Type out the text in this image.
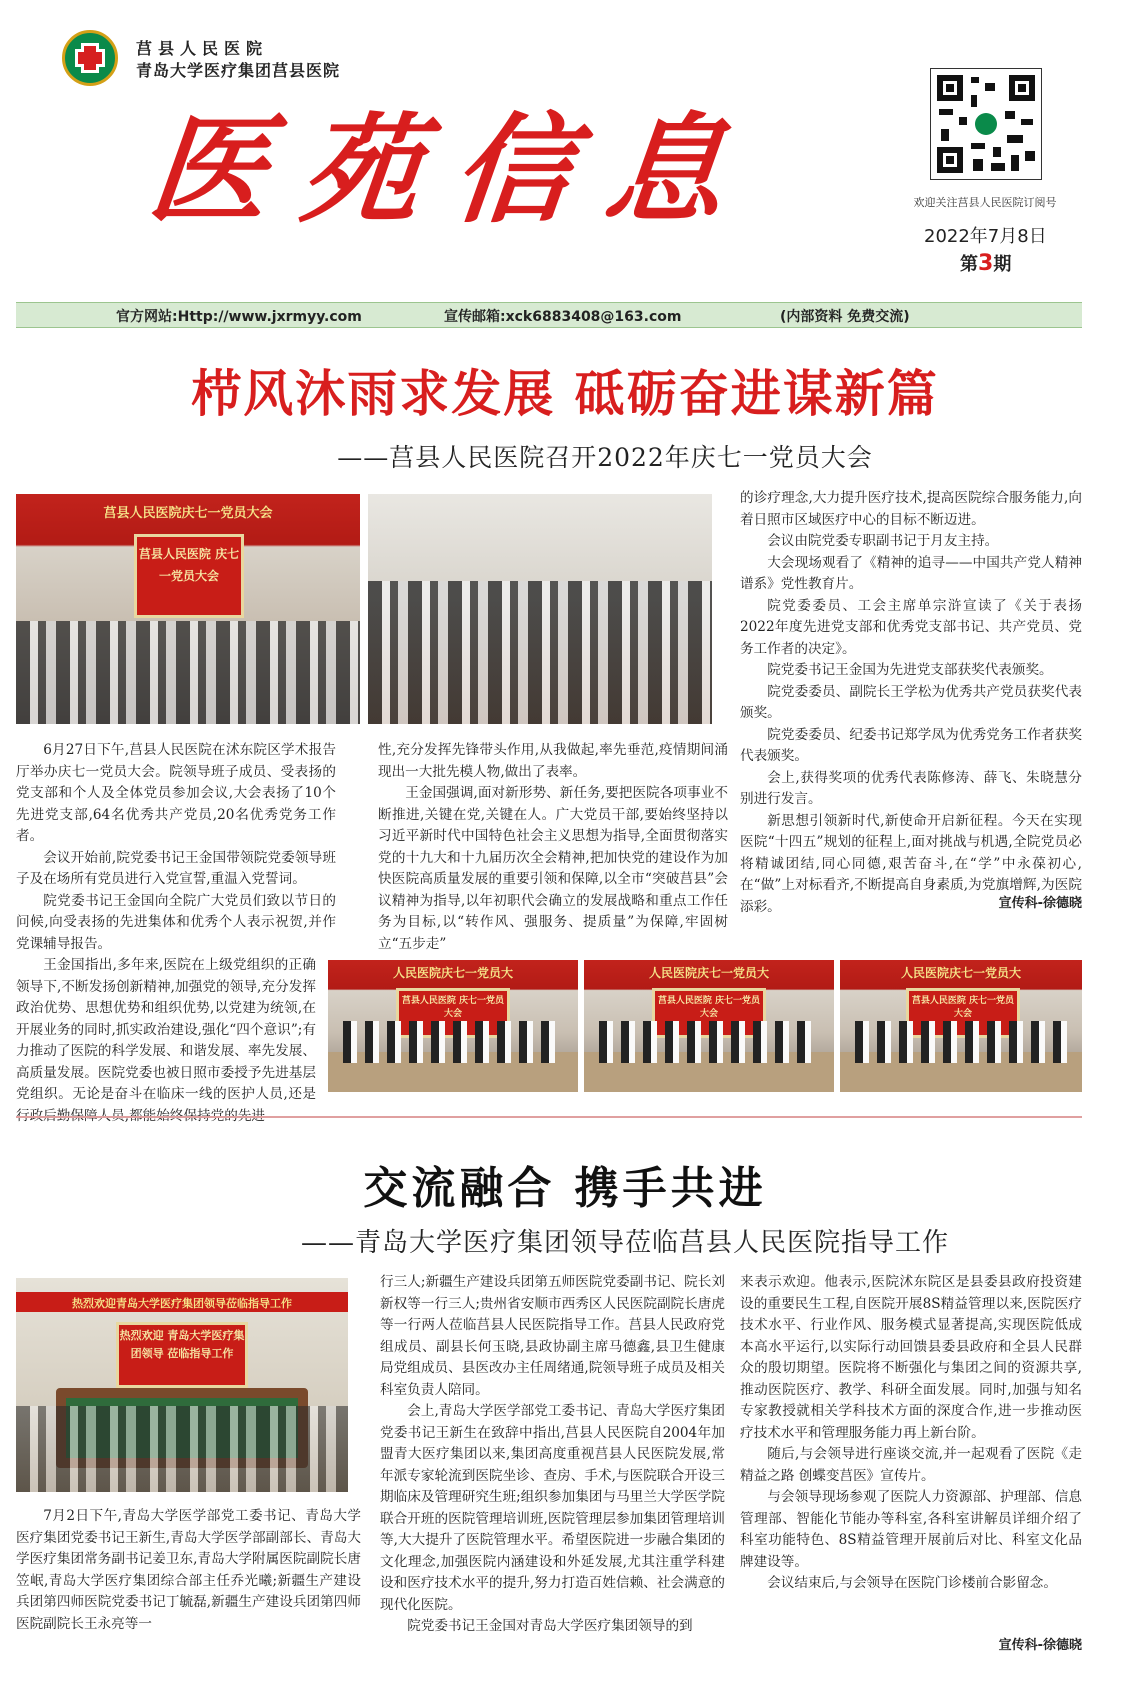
莒县人民医院
青岛大学医疗集团莒县医院
医苑信息	欢迎关注莒县人民医院订阅号
2022年7月8日
第3期
官方网站:Http://www.jxrmyy.com	宣传邮箱:xck6883408@163.com	(内部资料 免费交流)
栉风沐雨求发展 砥砺奋进谋新篇
——莒县人民医院召开2022年庆七一党员大会
莒县人民医院庆七一党员大会
莒县人民医院 庆七一党员大会

6月27日下午,莒县人民医院在沭东院区学术报告厅举办庆七一党员大会。院领导班子成员、受表扬的党支部和个人及全体党员参加会议,大会表扬了10个先进党支部,64名优秀共产党员,20名优秀党务工作者。

会议开始前,院党委书记王金国带领院党委领导班子及在场所有党员进行入党宣誓,重温入党誓词。

院党委书记王金国向全院广大党员们致以节日的问候,向受表扬的先进集体和优秀个人表示祝贺,并作党课辅导报告。

王金国指出,多年来,医院在上级党组织的正确领导下,不断发扬创新精神,加强党的领导,充分发挥政治优势、思想优势和组织优势,以党建为统领,在开展业务的同时,抓实政治建设,强化“四个意识”;有力推动了医院的科学发展、和谐发展、率先发展、高质量发展。医院党委也被日照市委授予先进基层党组织。无论是奋斗在临床一线的医护人员,还是

性,充分发挥先锋带头作用,从我做起,率先垂范,疫情期间涌现出一大批先模人物,做出了表率。

王金国强调,面对新形势、新任务,要把医院各项事业不断推进,关键在党,关键在人。广大党员干部,要始终坚持以习近平新时代中国特色社会主义思想为指导,全面贯彻落实党的十九大和十九届历次全会精神,把加快党的建设作为加快医院高质量发展的重要引领和保障,以全市“突破莒县”会议精神为指导,以年初职代会确立的发展战略和重点工作任务为目标,以“转作风、强服务、提质量”为保障,牢固树立“五步走”

的诊疗理念,大力提升医疗技术,提高医院综合服务能力,向着日照市区域医疗中心的目标不断迈进。

会议由院党委专职副书记于月友主持。

大会现场观看了《精神的追寻——中国共产党人精神谱系》党性教育片。

院党委委员、工会主席单宗浒宣读了《关于表扬2022年度先进党支部和优秀党支部书记、共产党员、党务工作者的决定》。

院党委书记王金国为先进党支部获奖代表颁奖。

院党委委员、副院长王学松为优秀共产党员获奖代表颁奖。

院党委委员、纪委书记郑学凤为优秀党务工作者获奖代表颁奖。

会上,获得奖项的优秀代表陈修涛、薛飞、朱晓慧分别进行发言。

新思想引领新时代,新使命开启新征程。今天在实现医院“十四五”规划的征程上,面对挑战与机遇,全院党员必将精诚团结,同心同德,艰苦奋斗,在“学”中永葆初心,在“做”上对标看齐,不断提高自身素质,为党旗增辉,为医院添彩。	宣传科-徐德晓
人民医院庆七一党员大
莒县人民医院 庆七一党员大会
人民医院庆七一党员大
莒县人民医院 庆七一党员大会
人民医院庆七一党员大
莒县人民医院 庆七一党员大会
交流融合 携手共进
——青岛大学医疗集团领导莅临莒县人民医院指导工作
热烈欢迎青岛大学医疗集团领导莅临指导工作
热烈欢迎 青岛大学医疗集团领导 莅临指导工作

7月2日下午,青岛大学医学部党工委书记、青岛大学医疗集团党委书记王新生,青岛大学医学部副部长、青岛大学医疗集团常务副书记姜卫东,青岛大学附属医院副院长唐笠岷,青岛大学医疗集团综合部主任乔光曦;新疆生产建设兵团第四师医院党委书记丁毓磊,新疆生产建设兵团第四师医院副院长王永亮等一

行三人;新疆生产建设兵团第五师医院党委副书记、院长刘新权等一行三人;贵州省安顺市西秀区人民医院副院长唐虎等一行两人莅临莒县人民医院指导工作。莒县人民政府党组成员、副县长何玉晓,县政协副主席马德鑫,县卫生健康局党组成员、县医改办主任周绪通,院领导班子成员及相关科室负责人陪同。

会上,青岛大学医学部党工委书记、青岛大学医疗集团党委书记王新生在致辞中指出,莒县人民医院自2004年加盟青大医疗集团以来,集团高度重视莒县人民医院发展,常年派专家轮流到医院坐诊、查房、手术,与医院联合开设三期临床及管理研究生班;组织参加集团与马里兰大学医学院联合开班的医院管理培训班,医院管理层参加集团管理培训等,大大提升了医院管理水平。希望医院进一步融合集团的文化理念,加强医院内涵建设和外延发展,尤其注重学科建设和医疗技术水平的提升,努力打造百姓信赖、社会满意的现代化医院。

院党委书记王金国对青岛大学医疗集团领导的到

来表示欢迎。他表示,医院沭东院区是县委县政府投资建设的重要民生工程,自医院开展8S精益管理以来,医院医疗技术水平、行业作风、服务模式显著提高,实现医院低成本高水平运行,以实际行动回馈县委县政府和全县人民群众的殷切期望。医院将不断强化与集团之间的资源共享,推动医院医疗、教学、科研全面发展。同时,加强与知名专家教授就相关学科技术方面的深度合作,进一步推动医疗技术水平和管理服务能力再上新台阶。

随后,与会领导进行座谈交流,并一起观看了医院《走精益之路 创蝶变莒医》宣传片。

与会领导现场参观了医院人力资源部、护理部、信息管理部、智能化节能办等科室,各科室讲解员详细介绍了科室功能特色、8S精益管理开展前后对比、科室文化品牌建设等。

会议结束后,与会领导在医院门诊楼前合影留念。

宣传科-徐德晓
